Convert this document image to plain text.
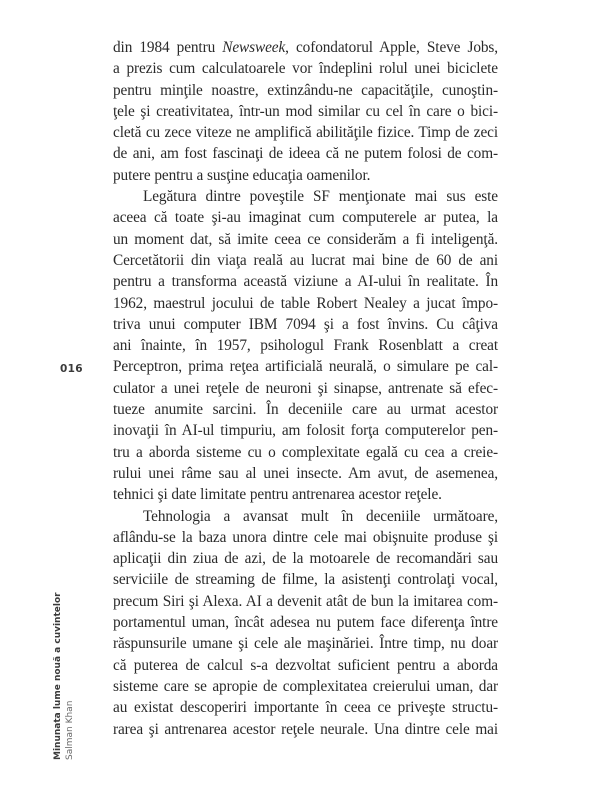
din 1984 pentru Newsweek, cofondatorul Apple, Steve Jobs,
a prezis cum calculatoarele vor îndeplini rolul unei biciclete
pentru minţile noastre, extinzându-ne capacităţile, cunoştin-
ţele şi creativitatea, într-un mod similar cu cel în care o bici-
cletă cu zece viteze ne amplifică abilităţile fizice. Timp de zeci
de ani, am fost fascinaţi de ideea că ne putem folosi de com-
putere pentru a susţine educaţia oamenilor.
Legătura dintre poveştile SF menţionate mai sus este
aceea că toate şi-au imaginat cum computerele ar putea, la
un moment dat, să imite ceea ce considerăm a fi inteligenţă.
Cercetătorii din viaţa reală au lucrat mai bine de 60 de ani
pentru a transforma această viziune a AI-ului în realitate. În
1962, maestrul jocului de table Robert Nealey a jucat împo-
triva unui computer IBM 7094 şi a fost învins. Cu câţiva
ani înainte, în 1957, psihologul Frank Rosenblatt a creat
Perceptron, prima reţea artificială neurală, o simulare pe cal-
culator a unei reţele de neuroni şi sinapse, antrenate să efec-
tueze anumite sarcini. În deceniile care au urmat acestor
inovaţii în AI-ul timpuriu, am folosit forţa computerelor pen-
tru a aborda sisteme cu o complexitate egală cu cea a creie-
rului unei râme sau al unei insecte. Am avut, de asemenea,
tehnici şi date limitate pentru antrenarea acestor reţele.
Tehnologia a avansat mult în deceniile următoare,
aflându-se la baza unora dintre cele mai obişnuite produse şi
aplicaţii din ziua de azi, de la motoarele de recomandări sau
serviciile de streaming de filme, la asistenţi controlaţi vocal,
precum Siri şi Alexa. AI a devenit atât de bun la imitarea com-
portamentul uman, încât adesea nu putem face diferenţa între
răspunsurile umane şi cele ale maşinăriei. Între timp, nu doar
că puterea de calcul s-a dezvoltat suficient pentru a aborda
sisteme care se apropie de complexitatea creierului uman, dar
au existat descoperiri importante în ceea ce priveşte structu-
rarea şi antrenarea acestor reţele neurale. Una dintre cele mai
016
Minunata lume nouă a cuvintelor Salman Khan
